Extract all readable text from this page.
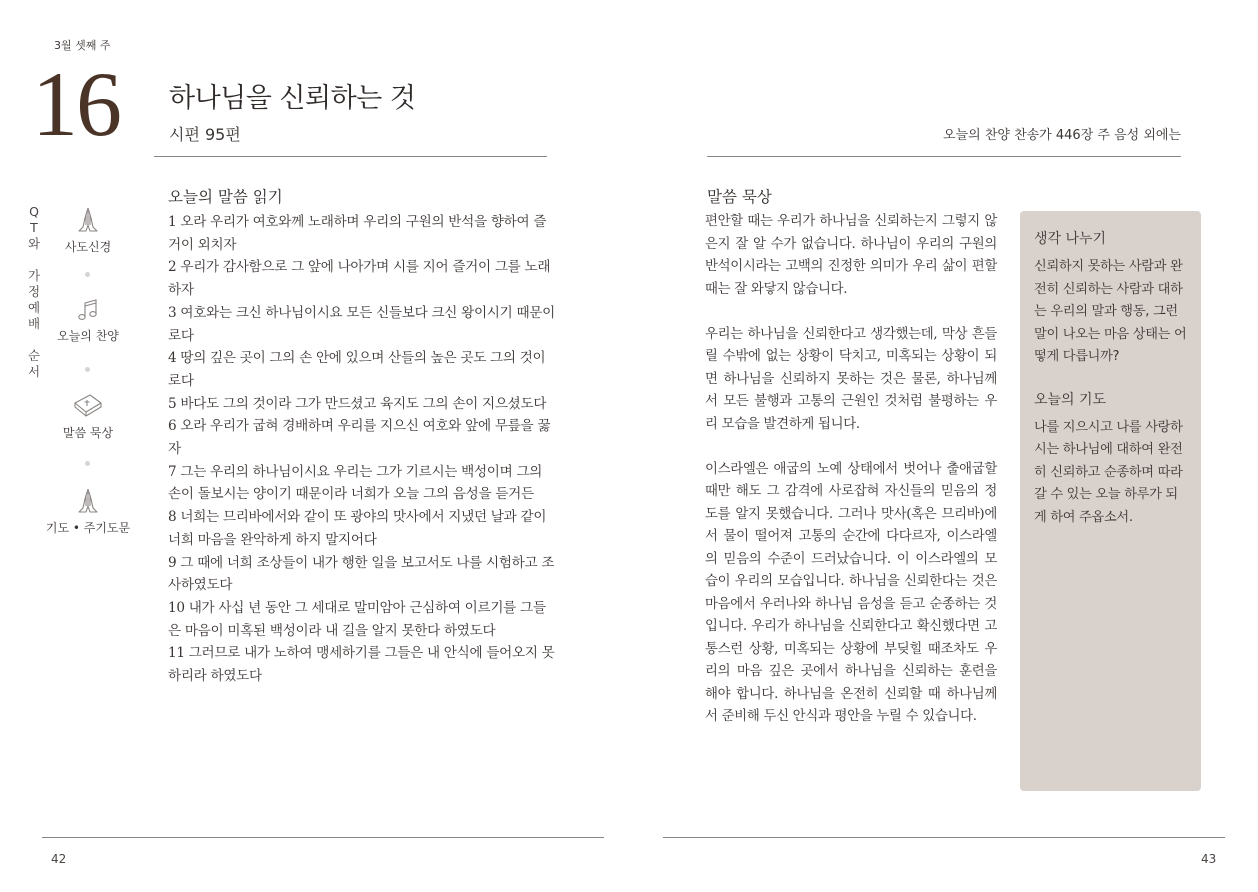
3월 셋째 주
16 하나님을 신뢰하는 것
시편 95편
Q
T
와
가
정
예
배
순
서
사도신경
오늘의 찬양
말씀 묵상
기도 • 주기도문
오늘의 말씀 읽기

1 오라 우리가 여호와께 노래하며 우리의 구원의 반석을 향하여 즐거이 외치자

2 우리가 감사함으로 그 앞에 나아가며 시를 지어 즐거이 그를 노래하자

3 여호와는 크신 하나님이시요 모든 신들보다 크신 왕이시기 때문이로다

4 땅의 깊은 곳이 그의 손 안에 있으며 산들의 높은 곳도 그의 것이로다

5 바다도 그의 것이라 그가 만드셨고 육지도 그의 손이 지으셨도다

6 오라 우리가 굽혀 경배하며 우리를 지으신 여호와 앞에 무릎을 꿇자

7 그는 우리의 하나님이시요 우리는 그가 기르시는 백성이며 그의 손이 돌보시는 양이기 때문이라 너희가 오늘 그의 음성을 듣거든

8 너희는 므리바에서와 같이 또 광야의 맛사에서 지냈던 날과 같이 너희 마음을 완악하게 하지 말지어다

9 그 때에 너희 조상들이 내가 행한 일을 보고서도 나를 시험하고 조사하였도다

10 내가 사십 년 동안 그 세대로 말미암아 근심하여 이르기를 그들은 마음이 미혹된 백성이라 내 길을 알지 못한다 하였도다

11 그러므로 내가 노하여 맹세하기를 그들은 내 안식에 들어오지 못하리라 하였도다

42
오늘의 찬양 찬송가 446장 주 음성 외에는
말씀 묵상

편안할 때는 우리가 하나님을 신뢰하는지 그렇지 않은지 잘 알 수가 없습니다. 하나님이 우리의 구원의 반석이시라는 고백의 진정한 의미가 우리 삶이 편할 때는 잘 와닿지 않습니다.

우리는 하나님을 신뢰한다고 생각했는데, 막상 흔들릴 수밖에 없는 상황이 닥치고, 미혹되는 상황이 되면 하나님을 신뢰하지 못하는 것은 물론, 하나님께서 모든 불행과 고통의 근원인 것처럼 불평하는 우리 모습을 발견하게 됩니다.

이스라엘은 애굽의 노예 상태에서 벗어나 출애굽할 때만 해도 그 감격에 사로잡혀 자신들의 믿음의 정도를 알지 못했습니다. 그러나 맛사(혹은 므리바)에서 물이 떨어져 고통의 순간에 다다르자, 이스라엘의 믿음의 수준이 드러났습니다. 이 이스라엘의 모습이 우리의 모습입니다. 하나님을 신뢰한다는 것은 마음에서 우러나와 하나님 음성을 듣고 순종하는 것입니다. 우리가 하나님을 신뢰한다고 확신했다면 고통스런 상황, 미혹되는 상황에 부딪힐 때조차도 우리의 마음 깊은 곳에서 하나님을 신뢰하는 훈련을 해야 합니다. 하나님을 온전히 신뢰할 때 하나님께서 준비해 두신 안식과 평안을 누릴 수 있습니다.

생각 나누기

신뢰하지 못하는 사람과 완전히 신뢰하는 사람과 대하는 우리의 말과 행동, 그런 말이 나오는 마음 상태는 어떻게 다릅니까?

오늘의 기도

나를 지으시고 나를 사랑하시는 하나님에 대하여 완전히 신뢰하고 순종하며 따라갈 수 있는 오늘 하루가 되게 하여 주옵소서.

43
